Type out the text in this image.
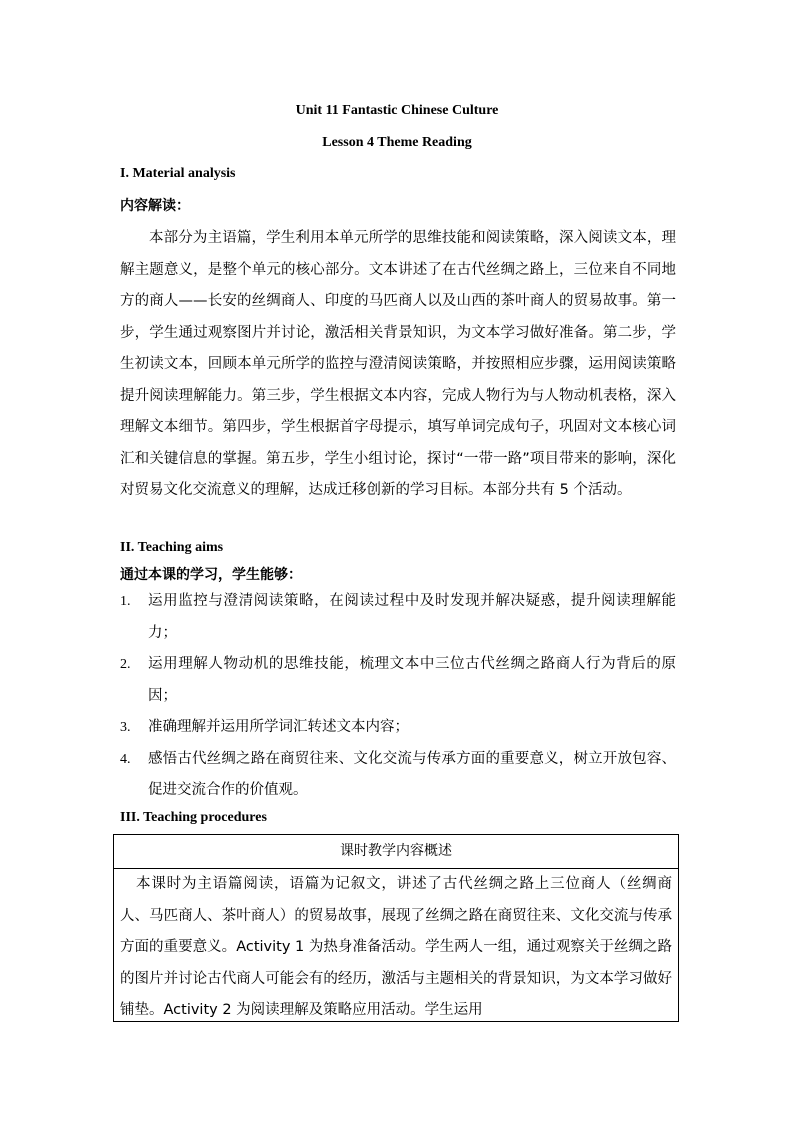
Unit 11 Fantastic Chinese Culture
Lesson 4 Theme Reading
I. Material analysis
内容解读：
本部分为主语篇，学生利用本单元所学的思维技能和阅读策略，深入阅读文本，理解主题意义，是整个单元的核心部分。文本讲述了在古代丝绸之路上，三位来自不同地方的商人——长安的丝绸商人、印度的马匹商人以及山西的茶叶商人的贸易故事。第一步，学生通过观察图片并讨论，激活相关背景知识，为文本学习做好准备。第二步，学生初读文本，回顾本单元所学的监控与澄清阅读策略，并按照相应步骤，运用阅读策略提升阅读理解能力。第三步，学生根据文本内容，完成人物行为与人物动机表格，深入理解文本细节。第四步，学生根据首字母提示，填写单词完成句子，巩固对文本核心词汇和关键信息的掌握。第五步，学生小组讨论，探讨“一带一路”项目带来的影响，深化对贸易文化交流意义的理解，达成迁移创新的学习目标。本部分共有 5 个活动。
II. Teaching aims
通过本课的学习，学生能够：
1. 运用监控与澄清阅读策略，在阅读过程中及时发现并解决疑惑，提升阅读理解能力；
2. 运用理解人物动机的思维技能，梳理文本中三位古代丝绸之路商人行为背后的原因；
3. 准确理解并运用所学词汇转述文本内容；
4. 感悟古代丝绸之路在商贸往来、文化交流与传承方面的重要意义，树立开放包容、促进交流合作的价值观。
III. Teaching procedures
课时教学内容概述
本课时为主语篇阅读，语篇为记叙文，讲述了古代丝绸之路上三位商人（丝绸商人、马匹商人、茶叶商人）的贸易故事，展现了丝绸之路在商贸往来、文化交流与传承方面的重要意义。Activity 1 为热身准备活动。学生两人一组，通过观察关于丝绸之路的图片并讨论古代商人可能会有的经历，激活与主题相关的背景知识，为文本学习做好铺垫。Activity 2 为阅读理解及策略应用活动。学生运用
